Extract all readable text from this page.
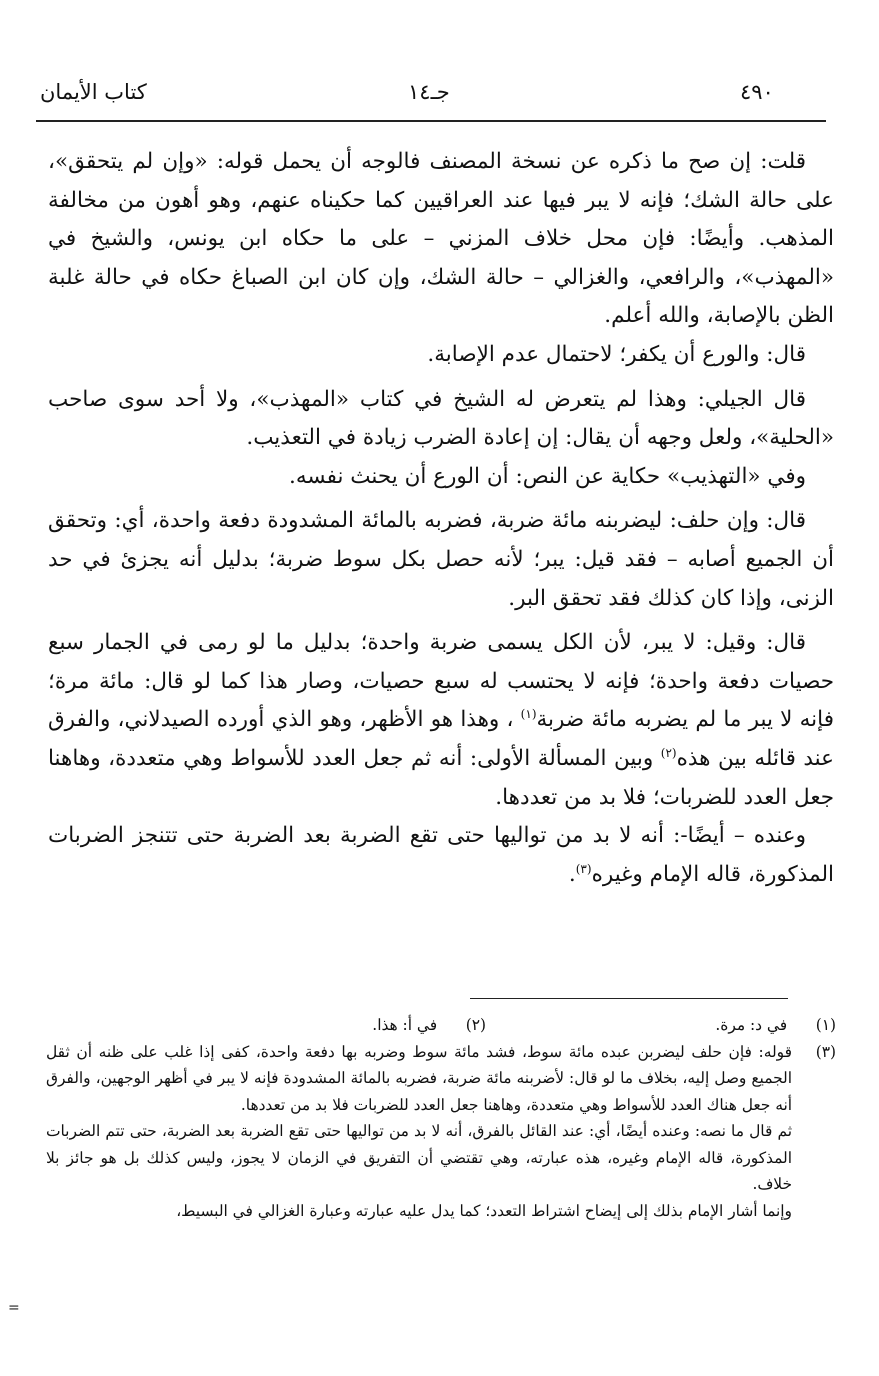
٤٩٠
جـ١٤
كتاب الأيمان

قلت: إن صح ما ذكره عن نسخة المصنف فالوجه أن يحمل قوله: «وإن لم يتحقق»، على حالة الشك؛ فإنه لا يبر فيها عند العراقيين كما حكيناه عنهم، وهو أهون من مخالفة المذهب. وأيضًا: فإن محل خلاف المزني – على ما حكاه ابن يونس، والشيخ في «المهذب»، والرافعي، والغزالي – حالة الشك، وإن كان ابن الصباغ حكاه في حالة غلبة الظن بالإصابة، والله أعلم.

قال: والورع أن يكفر؛ لاحتمال عدم الإصابة.

قال الجيلي: وهذا لم يتعرض له الشيخ في كتاب «المهذب»، ولا أحد سوى صاحب «الحلية»، ولعل وجهه أن يقال: إن إعادة الضرب زيادة في التعذيب.

وفي «التهذيب» حكاية عن النص: أن الورع أن يحنث نفسه.

قال: وإن حلف: ليضربنه مائة ضربة، فضربه بالمائة المشدودة دفعة واحدة، أي: وتحقق أن الجميع أصابه – فقد قيل: يبر؛ لأنه حصل بكل سوط ضربة؛ بدليل أنه يجزئ في حد الزنى، وإذا كان كذلك فقد تحقق البر.

قال: وقيل: لا يبر، لأن الكل يسمى ضربة واحدة؛ بدليل ما لو رمى في الجمار سبع حصيات دفعة واحدة؛ فإنه لا يحتسب له سبع حصيات، وصار هذا كما لو قال: مائة مرة؛ فإنه لا يبر ما لم يضربه مائة ضربة$^{(١)}$ ، وهذا هو الأظهر، وهو الذي أورده الصيدلاني، والفرق عند قائله بين هذه$^{(٢)}$ وبين المسألة الأولى: أنه ثم جعل العدد للأسواط وهي متعددة، وهاهنا جعل العدد للضربات؛ فلا بد من تعددها.

وعنده – أيضًا-: أنه لا بد من تواليها حتى تقع الضربة بعد الضربة حتى تتنجز الضربات المذكورة، قاله الإمام وغيره$^{(٣)}$.

(١) في د: مرة.
(٢) في أ: هذا.
(٣)
قوله: فإن حلف ليضربن عبده مائة سوط، فشد مائة سوط وضربه بها دفعة واحدة، كفى إذا غلب على ظنه أن ثقل الجميع وصل إليه، بخلاف ما لو قال: لأضربنه مائة ضربة، فضربه بالمائة المشدودة فإنه لا يبر في أظهر الوجهين، والفرق أنه جعل هناك العدد للأسواط وهي متعددة، وهاهنا جعل العدد للضربات فلا بد من تعددها.
ثم قال ما نصه: وعنده أيضًا، أي: عند القائل بالفرق، أنه لا بد من تواليها حتى تقع الضربة بعد الضربة، حتى تتم الضربات المذكورة، قاله الإمام وغيره، هذه عبارته، وهي تقتضي أن التفريق في الزمان لا يجوز، وليس كذلك بل هو جائز بلا خلاف.
وإنما أشار الإمام بذلك إلى إيضاح اشتراط التعدد؛ كما يدل عليه عبارته وعبارة الغزالي في البسيط،
=
